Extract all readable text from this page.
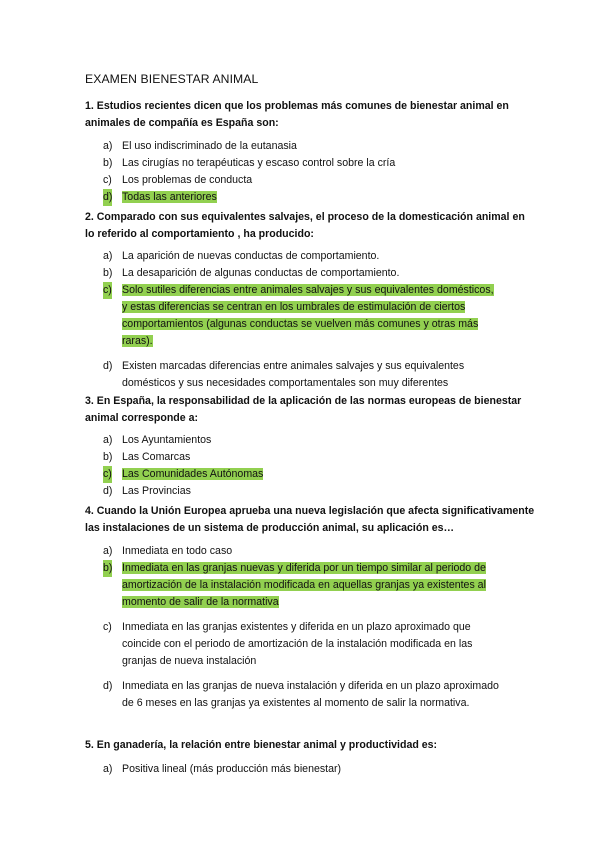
EXAMEN BIENESTAR ANIMAL
1. Estudios recientes dicen que los problemas más comunes de bienestar animal en animales de compañía es España son:
a) El uso indiscriminado de la eutanasia
b) Las cirugías no terapéuticas y escaso control sobre la cría
c) Los problemas de conducta
d) Todas las anteriores
2. Comparado con sus equivalentes salvajes, el proceso de la domesticación animal en lo referido al comportamiento , ha producido:
a) La aparición de nuevas conductas de comportamiento.
b) La desaparición de algunas conductas de comportamiento.
c) Solo sutiles diferencias entre animales salvajes y sus equivalentes domésticos, y estas diferencias se centran en los umbrales de estimulación de ciertos comportamientos (algunas conductas se vuelven más comunes y otras más raras).
d) Existen marcadas diferencias entre animales salvajes y sus equivalentes domésticos y sus necesidades comportamentales son muy diferentes
3. En España, la responsabilidad de la aplicación de las normas europeas de bienestar animal corresponde a:
a) Los Ayuntamientos
b) Las Comarcas
c) Las Comunidades Autónomas
d) Las Provincias
4. Cuando la Unión Europea aprueba una nueva legislación que afecta significativamente las instalaciones de un sistema de producción animal, su aplicación es…
a) Inmediata en todo caso
b) Inmediata en las granjas nuevas y diferida por un tiempo similar al periodo de amortización de la instalación modificada en aquellas granjas ya existentes al momento de salir de la normativa
c) Inmediata en las granjas existentes y diferida en un plazo aproximado que coincide con el periodo de amortización de la instalación modificada en las granjas de nueva instalación
d) Inmediata en las granjas de nueva instalación y diferida en un plazo aproximado de 6 meses en las granjas ya existentes al momento de salir la normativa.
5. En ganadería, la relación entre bienestar animal y productividad es:
a) Positiva lineal (más producción más bienestar)
